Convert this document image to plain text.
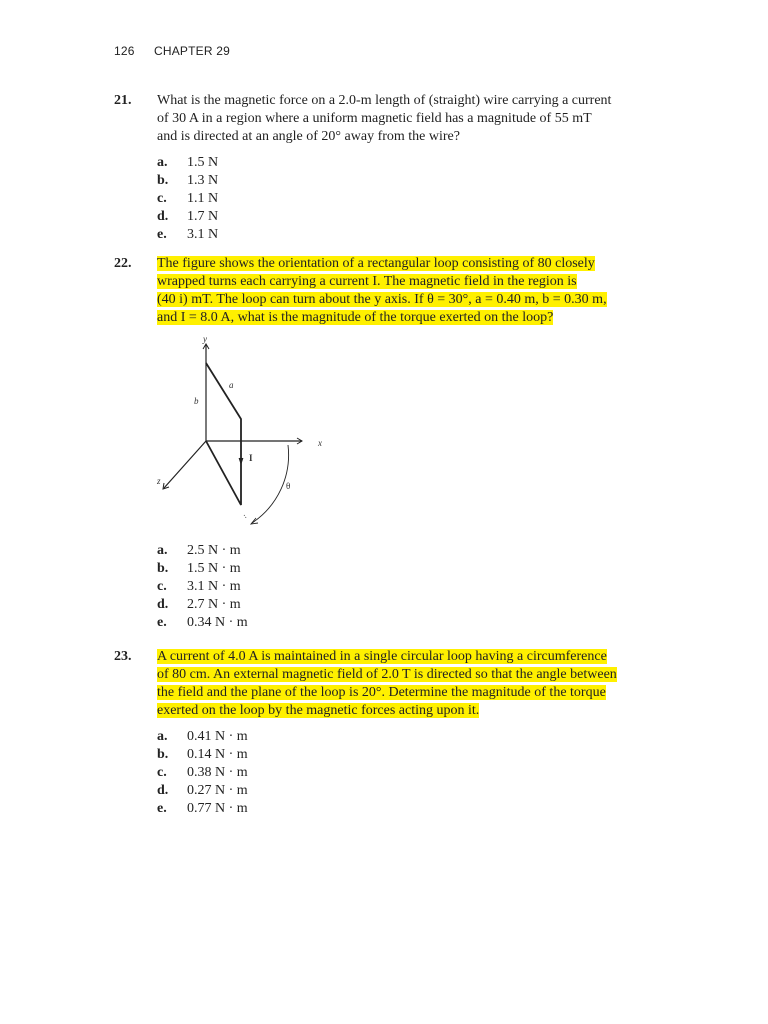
126 CHAPTER 29
21. What is the magnetic force on a 2.0-m length of (straight) wire carrying a current
of 30 A in a region where a uniform magnetic field has a magnitude of 55 mT
and is directed at an angle of 20° away from the wire?
a.	1.5 N
b.	1.3 N
c.	1.1 N
d.	1.7 N
e.	3.1 N
22. The figure shows the orientation of a rectangular loop consisting of 80 closely
wrapped turns each carrying a current I. The magnetic field in the region is
(40 i) mT. The loop can turn about the y axis. If θ = 30°, a = 0.40 m, b = 0.30 m,
and I = 8.0 A, what is the magnitude of the torque exerted on the loop?
y
x
z
a
b
I
θ
a.	2.5 N · m
b.	1.5 N · m
c.	3.1 N · m
d.	2.7 N · m
e.	0.34 N · m
23. A current of 4.0 A is maintained in a single circular loop having a circumference
of 80 cm. An external magnetic field of 2.0 T is directed so that the angle between
the field and the plane of the loop is 20°. Determine the magnitude of the torque
exerted on the loop by the magnetic forces acting upon it.
a.	0.41 N · m
b.	0.14 N · m
c.	0.38 N · m
d.	0.27 N · m
e.	0.77 N · m
